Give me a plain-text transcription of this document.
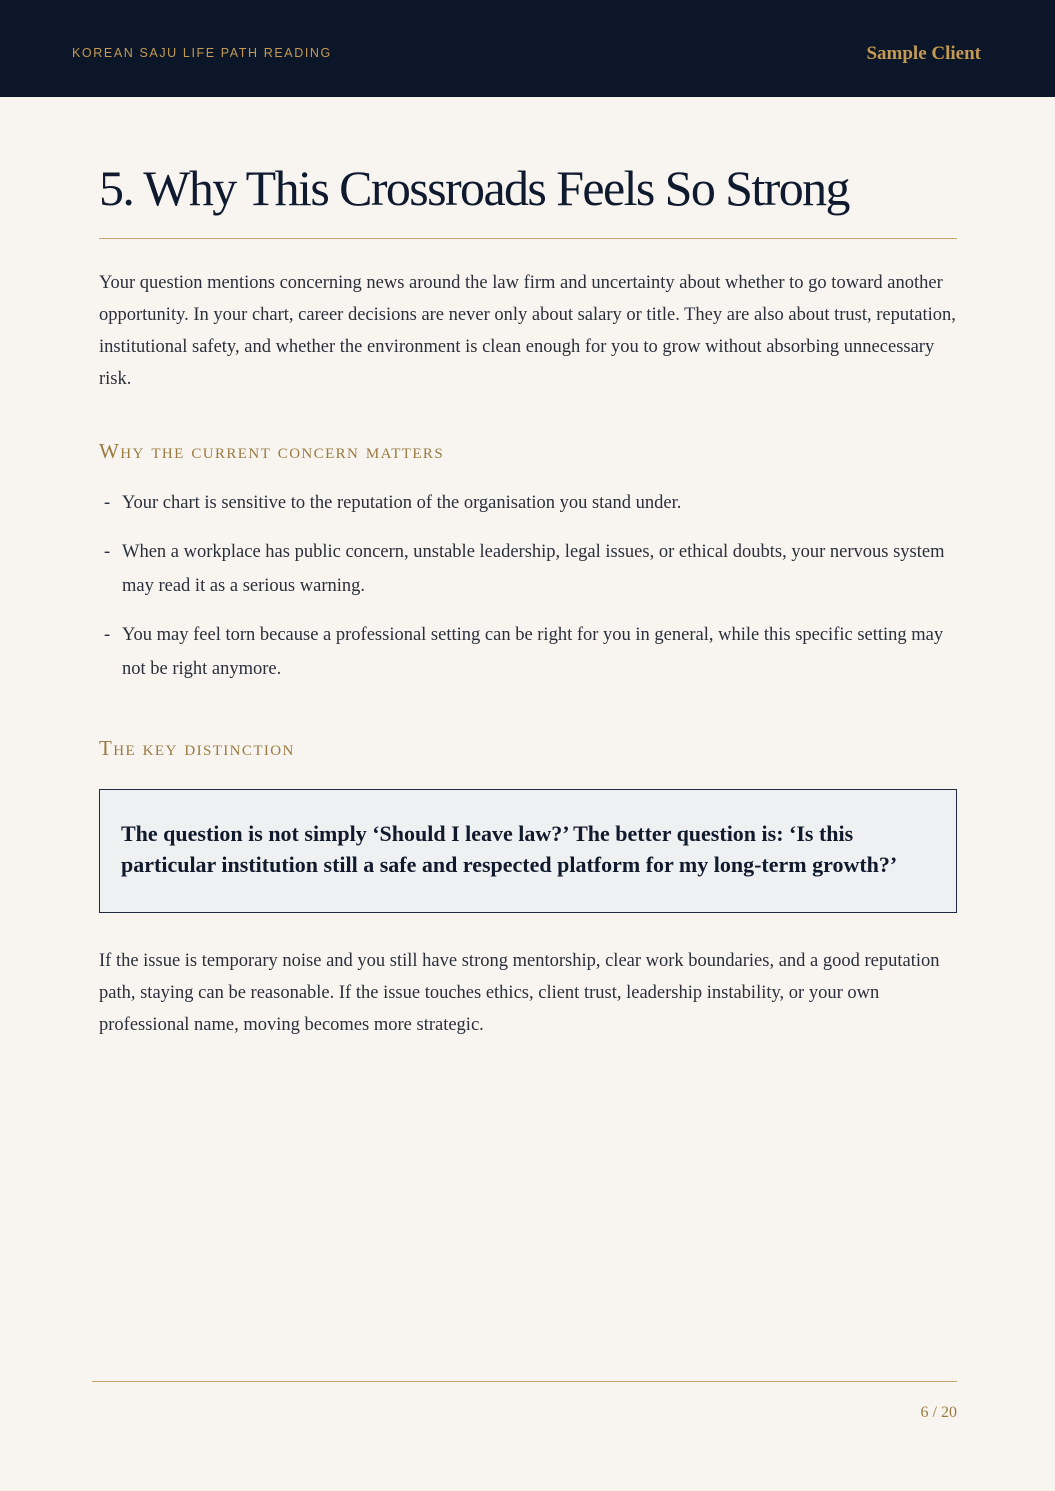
KOREAN SAJU LIFE PATH READING	Sample Client
5. Why This Crossroads Feels So Strong

Your question mentions concerning news around the law firm and uncertainty about whether to go toward another opportunity. In your chart, career decisions are never only about salary or title. They are also about trust, reputation, institutional safety, and whether the environment is clean enough for you to grow without absorbing unnecessary risk.

Why the current concern matters
- Your chart is sensitive to the reputation of the organisation you stand under.
- When a workplace has public concern, unstable leadership, legal issues, or ethical doubts, your nervous system may read it as a serious warning.
- You may feel torn because a professional setting can be right for you in general, while this specific setting may not be right anymore.
The key distinction

The question is not simply ‘Should I leave law?’ The better question is: ‘Is this particular institution still a safe and respected platform for my long-term growth?’

If the issue is temporary noise and you still have strong mentorship, clear work boundaries, and a good reputation path, staying can be reasonable. If the issue touches ethics, client trust, leadership instability, or your own professional name, moving becomes more strategic.

6 / 20
